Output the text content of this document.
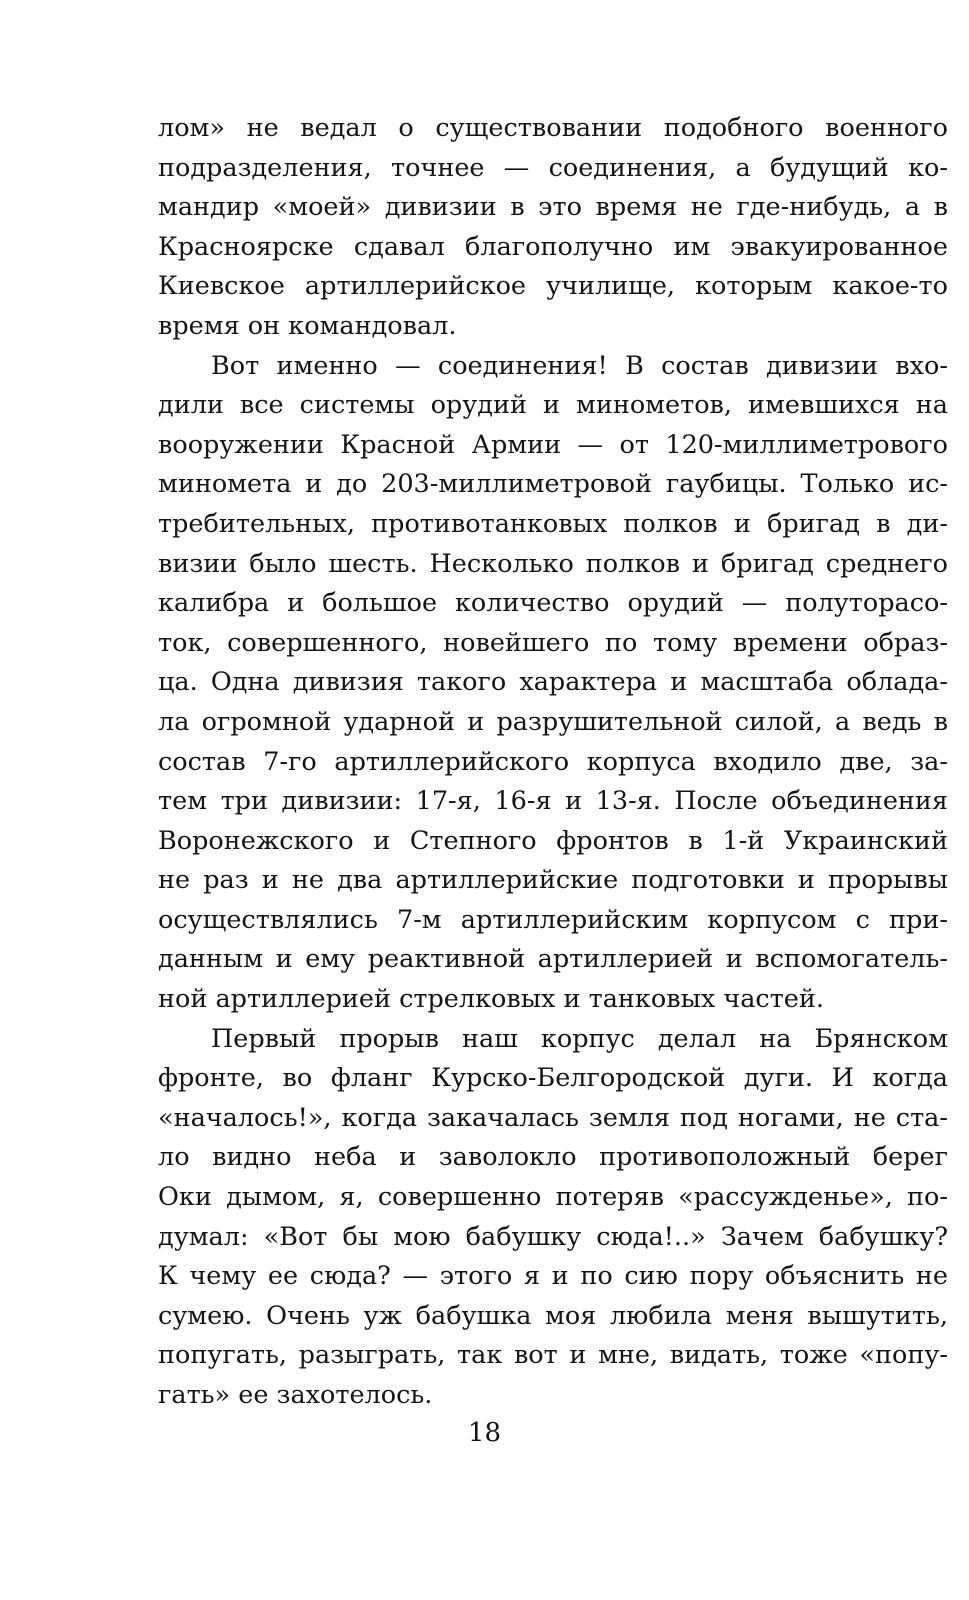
лом» не ведал о существовании подобного военного
подразделения, точнее — соединения, а будущий ко-
мандир «моей» дивизии в это время не где-нибудь, а в
Красноярске сдавал благополучно им эвакуированное
Киевское артиллерийское училище, которым какое-то
время он командовал.
Вот именно — соединения! В состав дивизии вхо-
дили все системы орудий и минометов, имевшихся на
вооружении Красной Армии — от 120-миллиметрового
миномета и до 203-миллиметровой гаубицы. Только ис-
требительных, противотанковых полков и бригад в ди-
визии было шесть. Несколько полков и бригад среднего
калибра и большое количество орудий — полуторасо-
ток, совершенного, новейшего по тому времени образ-
ца. Одна дивизия такого характера и масштаба облада-
ла огромной ударной и разрушительной силой, а ведь в
состав 7-го артиллерийского корпуса входило две, за-
тем три дивизии: 17-я, 16-я и 13-я. После объединения
Воронежского и Степного фронтов в 1-й Украинский
не раз и не два артиллерийские подготовки и прорывы
осуществлялись 7-м артиллерийским корпусом с при-
данным и ему реактивной артиллерией и вспомогатель-
ной артиллерией стрелковых и танковых частей.
Первый прорыв наш корпус делал на Брянском
фронте, во фланг Курско-Белгородской дуги. И когда
«началось!», когда закачалась земля под ногами, не ста-
ло видно неба и заволокло противоположный берег
Оки дымом, я, совершенно потеряв «рассужденье», по-
думал: «Вот бы мою бабушку сюда!..» Зачем бабушку?
К чему ее сюда? — этого я и по сию пору объяснить не
сумею. Очень уж бабушка моя любила меня вышутить,
попугать, разыграть, так вот и мне, видать, тоже «попу-
гать» ее захотелось.
18
